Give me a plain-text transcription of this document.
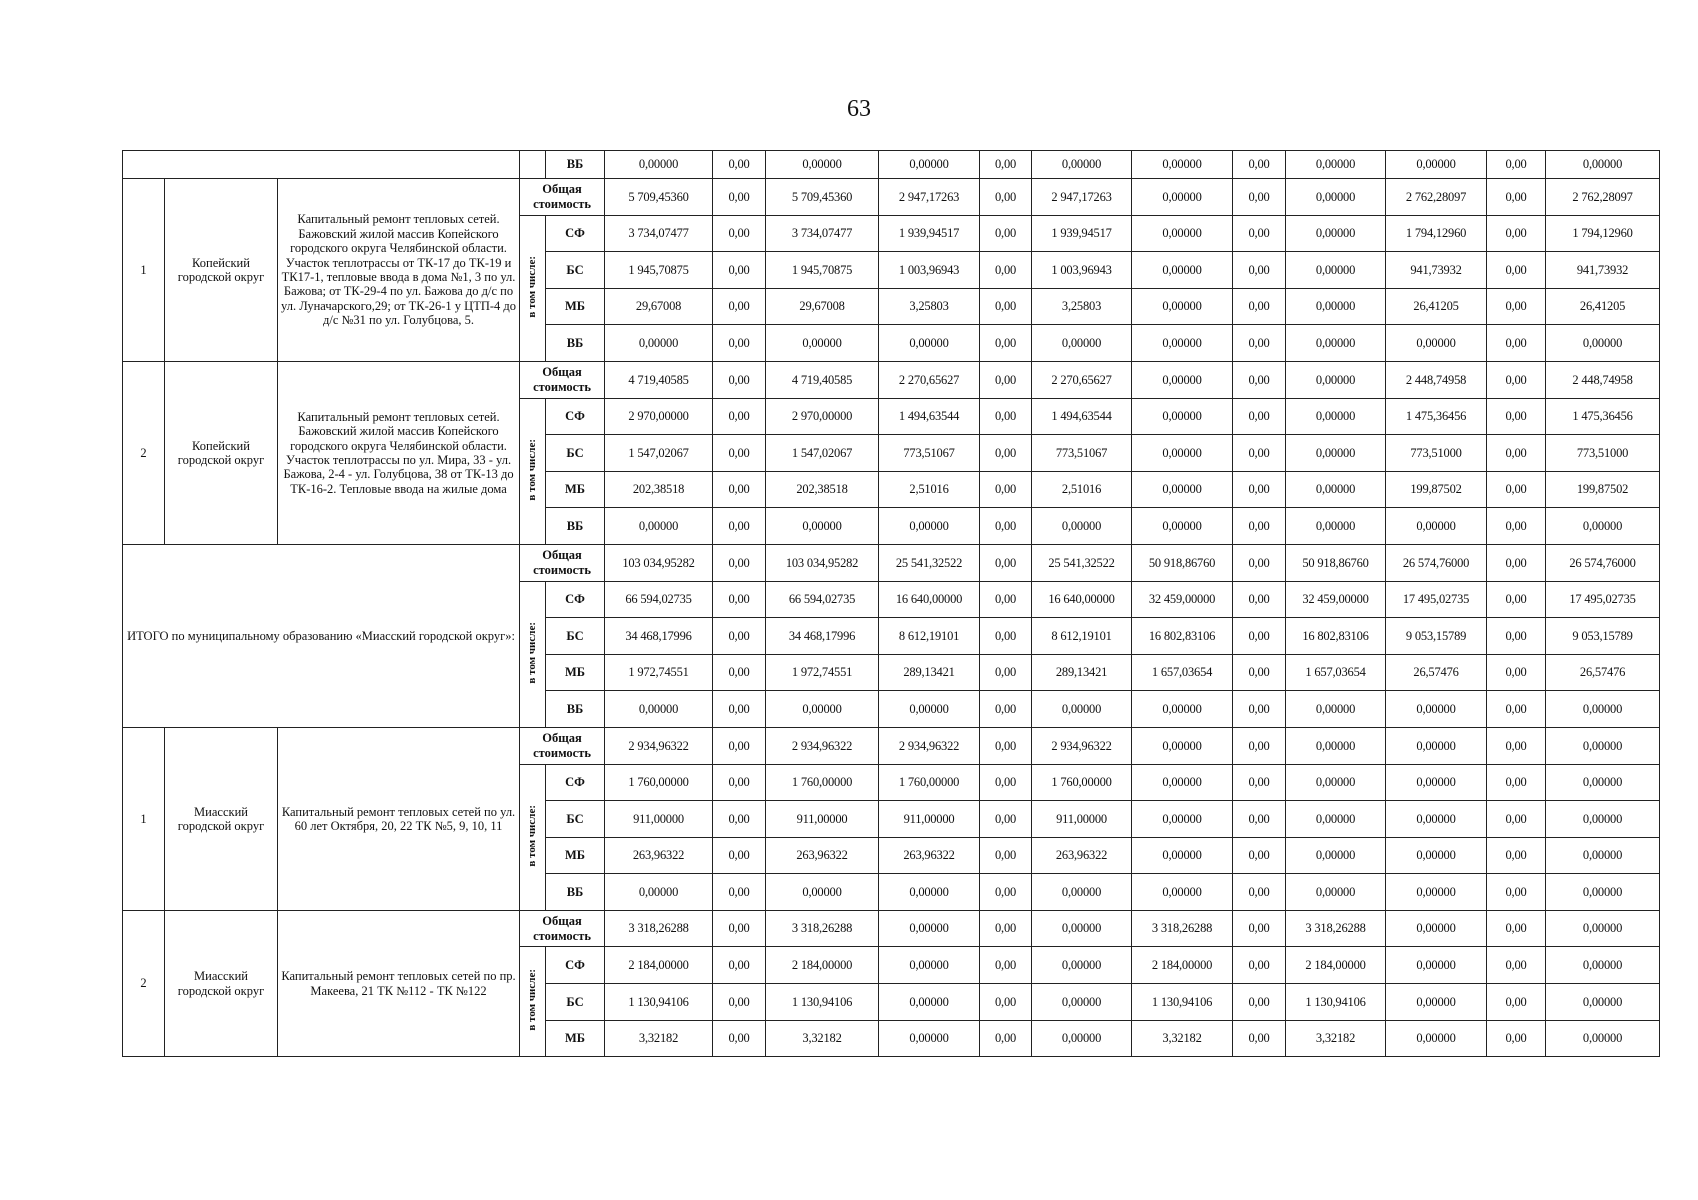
63
				ВБ	0,00000	0,00	0,00000	0,00000	0,00	0,00000	0,00000	0,00	0,00000	0,00000	0,00	0,00000
1	Копейский городской округ	Капитальный ремонт тепловых сетей. Бажовский жилой массив Копейского городского округа Челябинской области. Участок теплотрассы от ТК-17 до ТК-19 и ТК17-1, тепловые ввода в дома №1, 3 по ул. Бажова; от ТК-29-4 по ул. Бажова до д/с по ул. Луначарского,29; от ТК-26-1 у ЦТП-4 до д/с №31 по ул. Голубцова, 5.	Общая стоимость		5 709,45360	0,00	5 709,45360	2 947,17263	0,00	2 947,17263	0,00000	0,00	0,00000	2 762,28097	0,00	2 762,28097
			в том числе:	СФ	3 734,07477	0,00	3 734,07477	1 939,94517	0,00	1 939,94517	0,00000	0,00	0,00000	1 794,12960	0,00	1 794,12960
				БС	1 945,70875	0,00	1 945,70875	1 003,96943	0,00	1 003,96943	0,00000	0,00	0,00000	941,73932	0,00	941,73932
				МБ	29,67008	0,00	29,67008	3,25803	0,00	3,25803	0,00000	0,00	0,00000	26,41205	0,00	26,41205
				ВБ	0,00000	0,00	0,00000	0,00000	0,00	0,00000	0,00000	0,00	0,00000	0,00000	0,00	0,00000
2	Копейский городской округ	Капитальный ремонт тепловых сетей. Бажовский жилой массив Копейского городского округа Челябинской области. Участок теплотрассы по ул. Мира, 33 - ул. Бажова, 2-4 - ул. Голубцова, 38 от ТК-13 до ТК-16-2. Тепловые ввода на жилые дома	Общая стоимость		4 719,40585	0,00	4 719,40585	2 270,65627	0,00	2 270,65627	0,00000	0,00	0,00000	2 448,74958	0,00	2 448,74958
			в том числе:	СФ	2 970,00000	0,00	2 970,00000	1 494,63544	0,00	1 494,63544	0,00000	0,00	0,00000	1 475,36456	0,00	1 475,36456
				БС	1 547,02067	0,00	1 547,02067	773,51067	0,00	773,51067	0,00000	0,00	0,00000	773,51000	0,00	773,51000
				МБ	202,38518	0,00	202,38518	2,51016	0,00	2,51016	0,00000	0,00	0,00000	199,87502	0,00	199,87502
				ВБ	0,00000	0,00	0,00000	0,00000	0,00	0,00000	0,00000	0,00	0,00000	0,00000	0,00	0,00000
ИТОГО по муниципальному образованию «Миасский городской округ»:			Общая стоимость		103 034,95282	0,00	103 034,95282	25 541,32522	0,00	25 541,32522	50 918,86760	0,00	50 918,86760	26 574,76000	0,00	26 574,76000
			в том числе:	СФ	66 594,02735	0,00	66 594,02735	16 640,00000	0,00	16 640,00000	32 459,00000	0,00	32 459,00000	17 495,02735	0,00	17 495,02735
				БС	34 468,17996	0,00	34 468,17996	8 612,19101	0,00	8 612,19101	16 802,83106	0,00	16 802,83106	9 053,15789	0,00	9 053,15789
				МБ	1 972,74551	0,00	1 972,74551	289,13421	0,00	289,13421	1 657,03654	0,00	1 657,03654	26,57476	0,00	26,57476
				ВБ	0,00000	0,00	0,00000	0,00000	0,00	0,00000	0,00000	0,00	0,00000	0,00000	0,00	0,00000
1	Миасский городской округ	Капитальный ремонт тепловых сетей по ул. 60 лет Октября, 20, 22 ТК №5, 9, 10, 11	Общая стоимость		2 934,96322	0,00	2 934,96322	2 934,96322	0,00	2 934,96322	0,00000	0,00	0,00000	0,00000	0,00	0,00000
			в том числе:	СФ	1 760,00000	0,00	1 760,00000	1 760,00000	0,00	1 760,00000	0,00000	0,00	0,00000	0,00000	0,00	0,00000
				БС	911,00000	0,00	911,00000	911,00000	0,00	911,00000	0,00000	0,00	0,00000	0,00000	0,00	0,00000
				МБ	263,96322	0,00	263,96322	263,96322	0,00	263,96322	0,00000	0,00	0,00000	0,00000	0,00	0,00000
				ВБ	0,00000	0,00	0,00000	0,00000	0,00	0,00000	0,00000	0,00	0,00000	0,00000	0,00	0,00000
2	Миасский городской округ	Капитальный ремонт тепловых сетей по пр. Макеева, 21 ТК №112 - ТК №122	Общая стоимость		3 318,26288	0,00	3 318,26288	0,00000	0,00	0,00000	3 318,26288	0,00	3 318,26288	0,00000	0,00	0,00000
			в том числе:	СФ	2 184,00000	0,00	2 184,00000	0,00000	0,00	0,00000	2 184,00000	0,00	2 184,00000	0,00000	0,00	0,00000
				БС	1 130,94106	0,00	1 130,94106	0,00000	0,00	0,00000	1 130,94106	0,00	1 130,94106	0,00000	0,00	0,00000
				МБ	3,32182	0,00	3,32182	0,00000	0,00	0,00000	3,32182	0,00	3,32182	0,00000	0,00	0,00000
